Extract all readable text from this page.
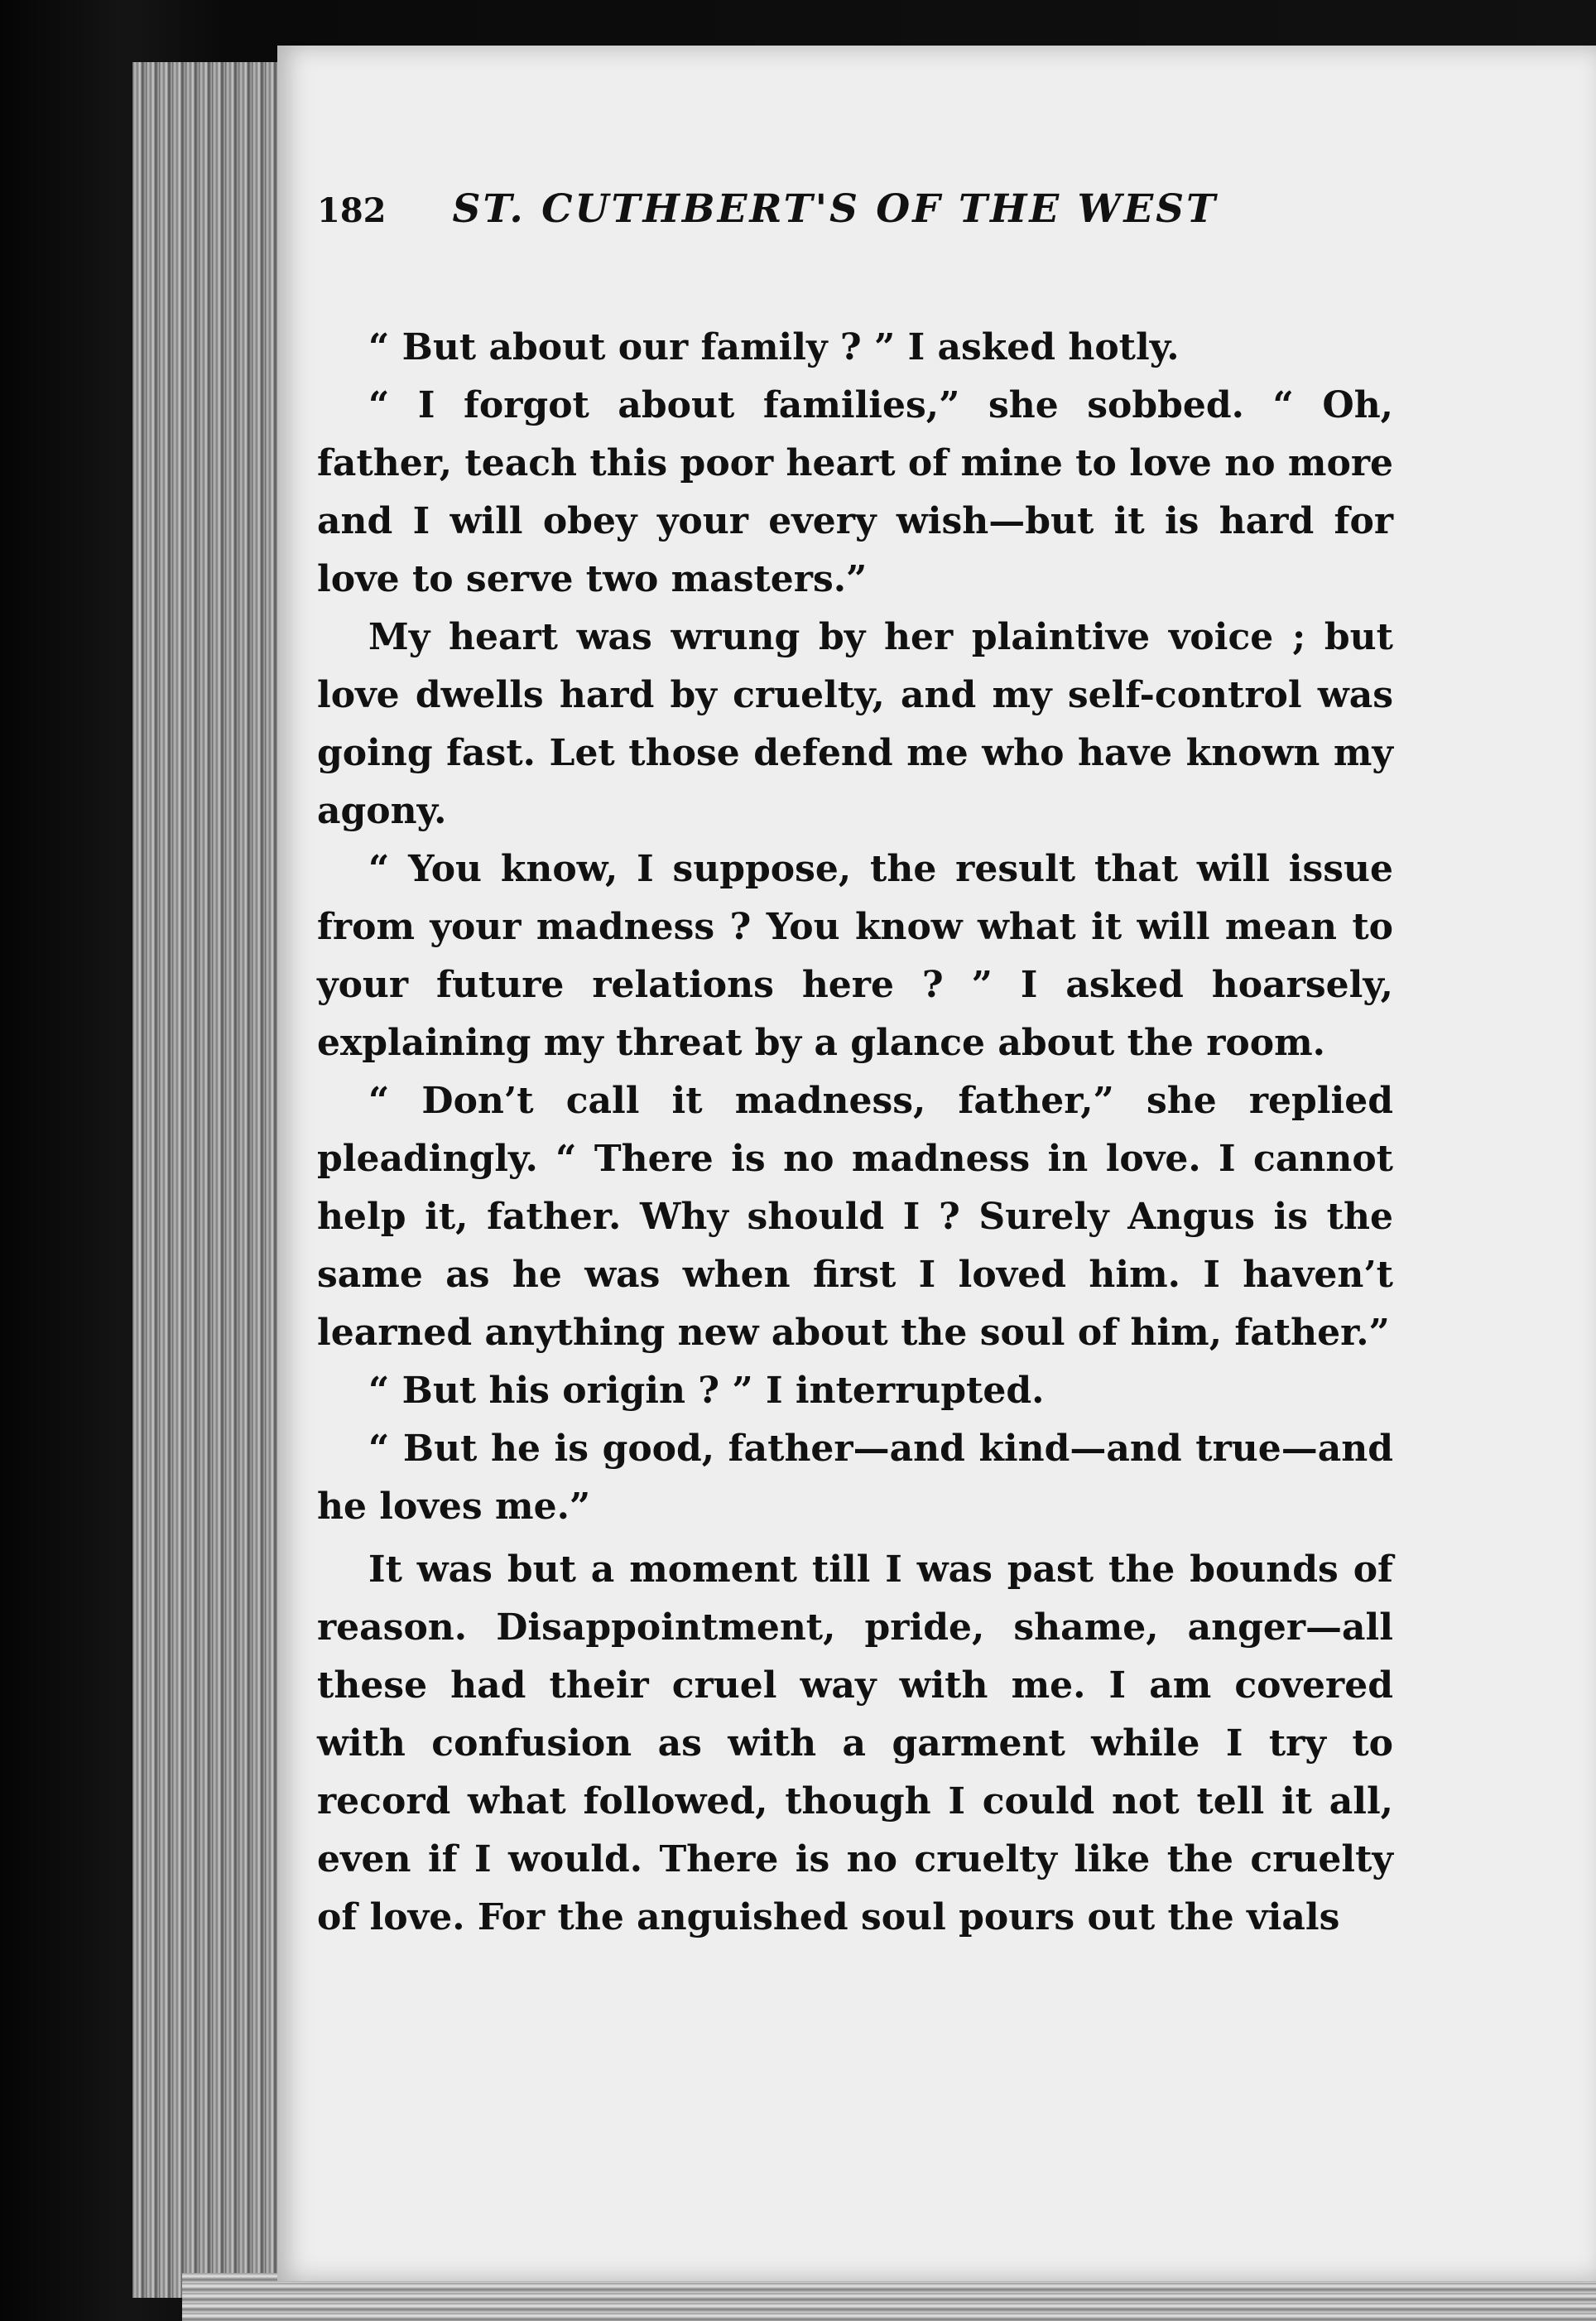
182 ST. CUTHBERT'S OF THE WEST

“ But about our family ? ” I asked hotly.

“ I forgot about families,” she sobbed. “ Oh, father, teach this poor heart of mine to love no more and I will obey your every wish—but it is hard for love to serve two masters.”

My heart was wrung by her plaintive voice ; but love dwells hard by cruelty, and my self-control was going fast. Let those defend me who have known my agony.

“ You know, I suppose, the result that will issue from your madness ? You know what it will mean to your future relations here ? ” I asked hoarsely, explaining my threat by a glance about the room.

“ Don’t call it madness, father,” she replied pleadingly. “ There is no madness in love. I cannot help it, father. Why should I ? Surely Angus is the same as he was when first I loved him. I haven’t learned anything new about the soul of him, father.”

“ But his origin ? ” I interrupted.

“ But he is good, father—and kind—and true—and he loves me.”

It was but a moment till I was past the bounds of reason. Disappointment, pride, shame, anger—all these had their cruel way with me. I am covered with confusion as with a garment while I try to record what followed, though I could not tell it all, even if I would. There is no cruelty like the cruelty of love. For the anguished soul pours out the vials
